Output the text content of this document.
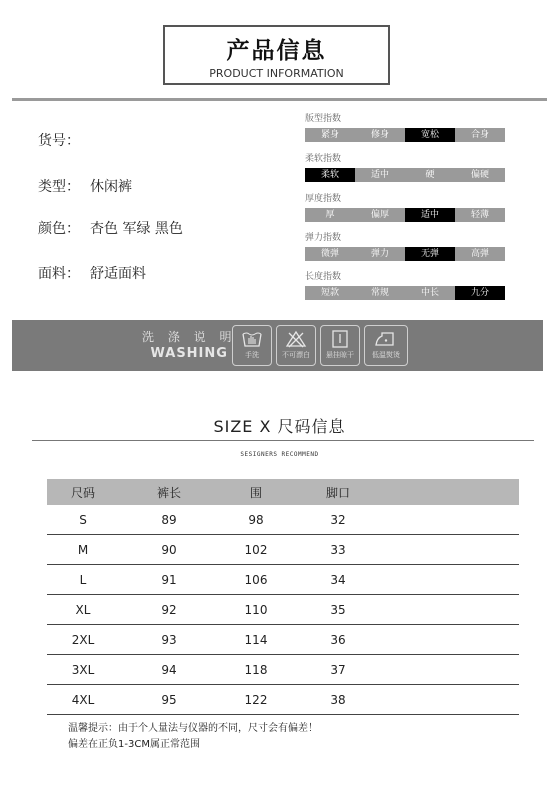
产品信息
PRODUCT INFORMATION
货号：
类型： 休闲裤
颜色： 杏色 军绿 黑色
面料： 舒适面料
版型指数
紧身	修身	宽松	合身
柔软指数
柔软	适中	硬	偏硬
厚度指数
厚	偏厚	适中	轻薄
弹力指数
微弹	弹力	无弹	高弹
长度指数
短款	常规	中长	九分
洗 涤 说 明
WASHING	手洗	不可漂白 悬挂晾干	低温熨烫
SIZE X 尺码信息
SESIGNERS RECOMMEND
尺码	裤长	围	脚口
S	89	98	32
M	90	102	33
L	91	106	34
XL	92	110	35
2XL	93	114	36
3XL	94	118	37
4XL	95	122	38
温馨提示：由于个人量法与仪器的不同，尺寸会有偏差！
偏差在正负1-3CM属正常范围
